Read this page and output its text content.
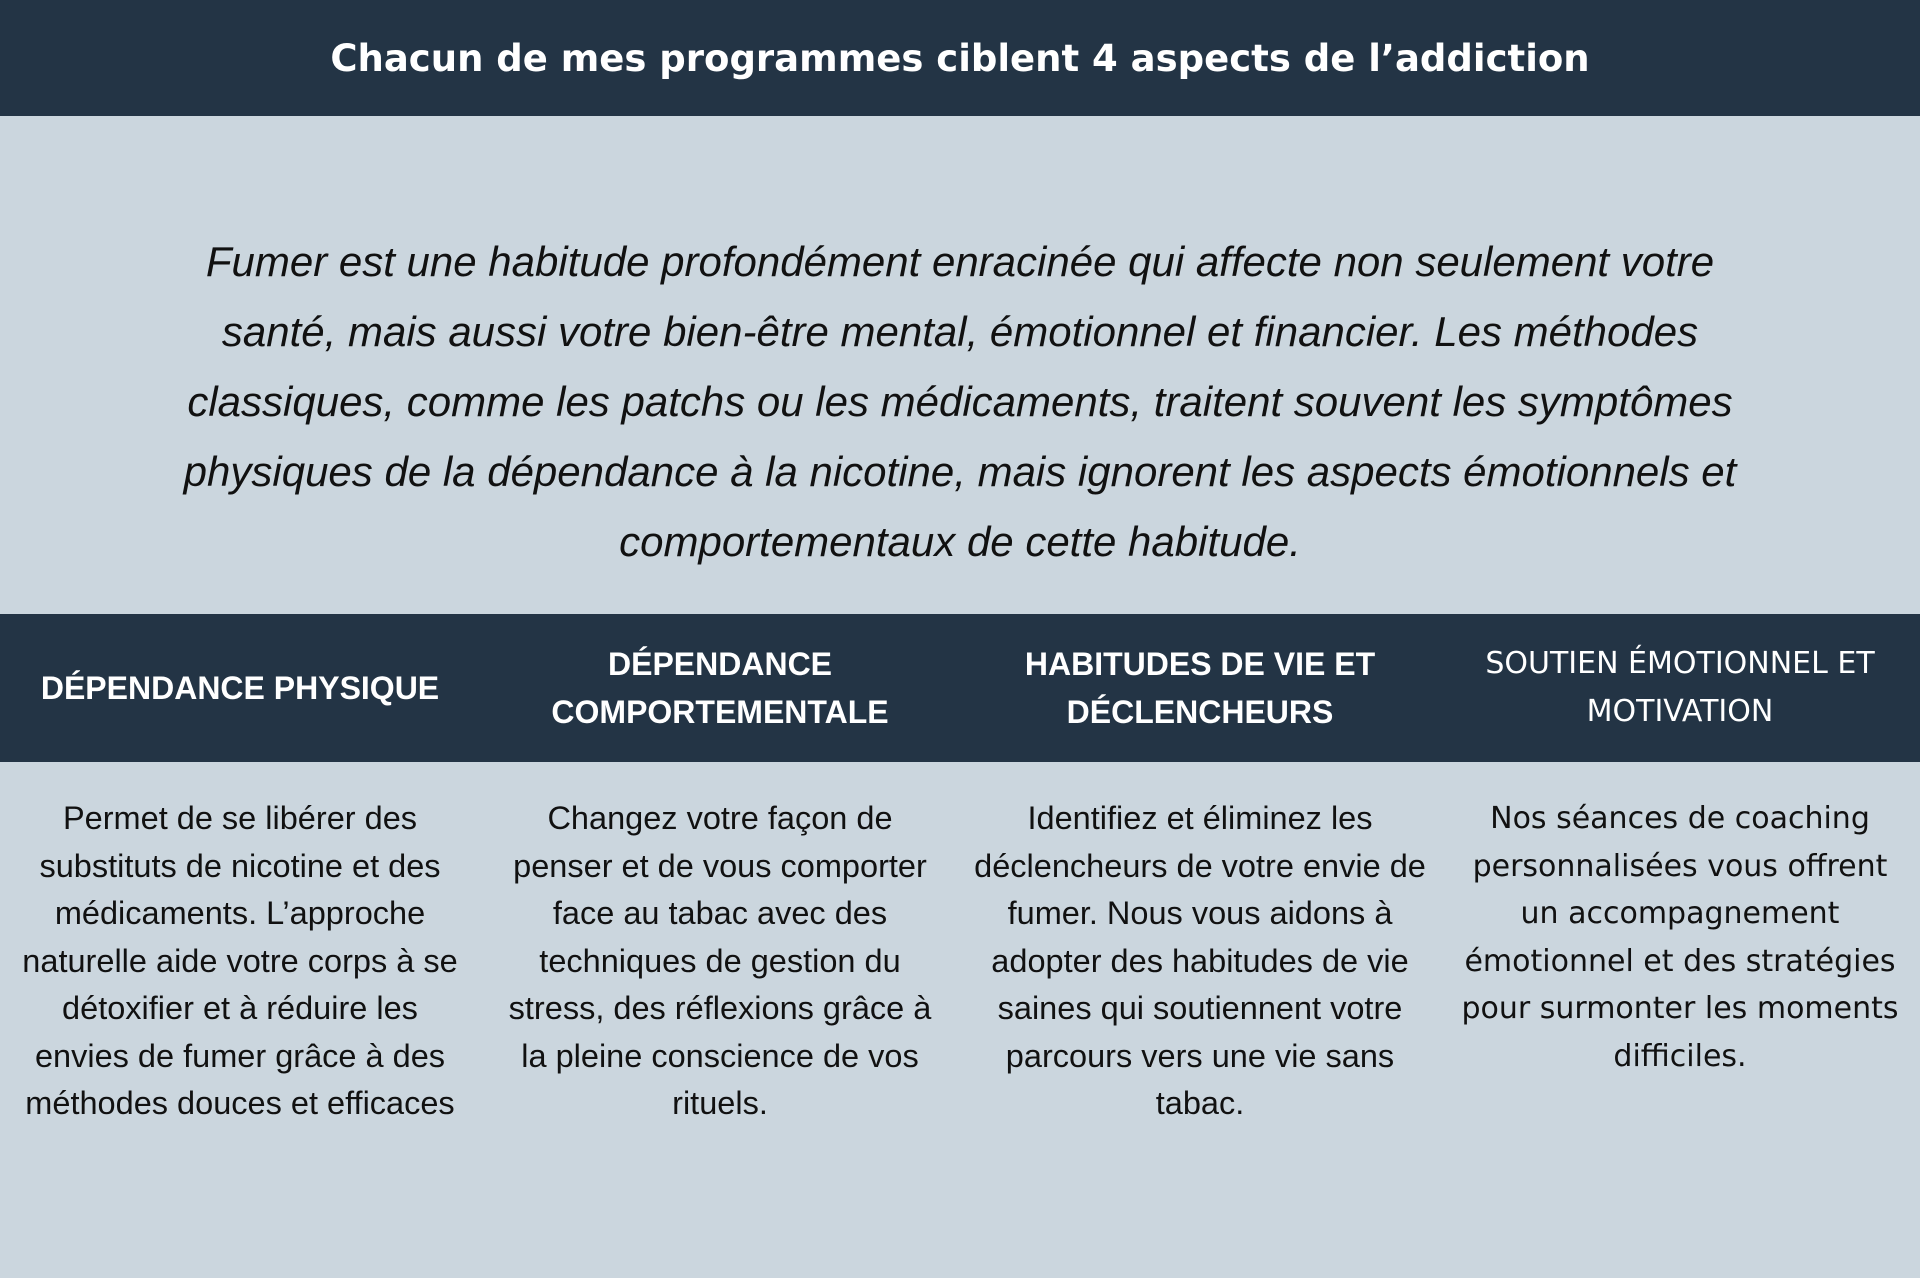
Chacun de mes programmes ciblent 4 aspects de l’addiction

Fumer est une habitude profondément enracinée qui affecte non seulement votre santé, mais aussi votre bien-être mental, émotionnel et financier. Les méthodes classiques, comme les patchs ou les médicaments, traitent souvent les symptômes physiques de la dépendance à la nicotine, mais ignorent les aspects émotionnels et comportementaux de cette habitude.

DÉPENDANCE PHYSIQUE
DÉPENDANCE COMPORTEMENTALE
HABITUDES DE VIE ET DÉCLENCHEURS
SOUTIEN ÉMOTIONNEL ET MOTIVATION
Permet de se libérer des substituts de nicotine et des médicaments. L’approche naturelle aide votre corps à se détoxifier et à réduire les envies de fumer grâce à des méthodes douces et efficaces
Changez votre façon de penser et de vous comporter face au tabac avec des techniques de gestion du stress, des réflexions grâce à la pleine conscience de vos rituels.
Identifiez et éliminez les déclencheurs de votre envie de fumer. Nous vous aidons à adopter des habitudes de vie saines qui soutiennent votre parcours vers une vie sans tabac.
Nos séances de coaching personnalisées vous offrent un accompagnement émotionnel et des stratégies pour surmonter les moments difficiles.
